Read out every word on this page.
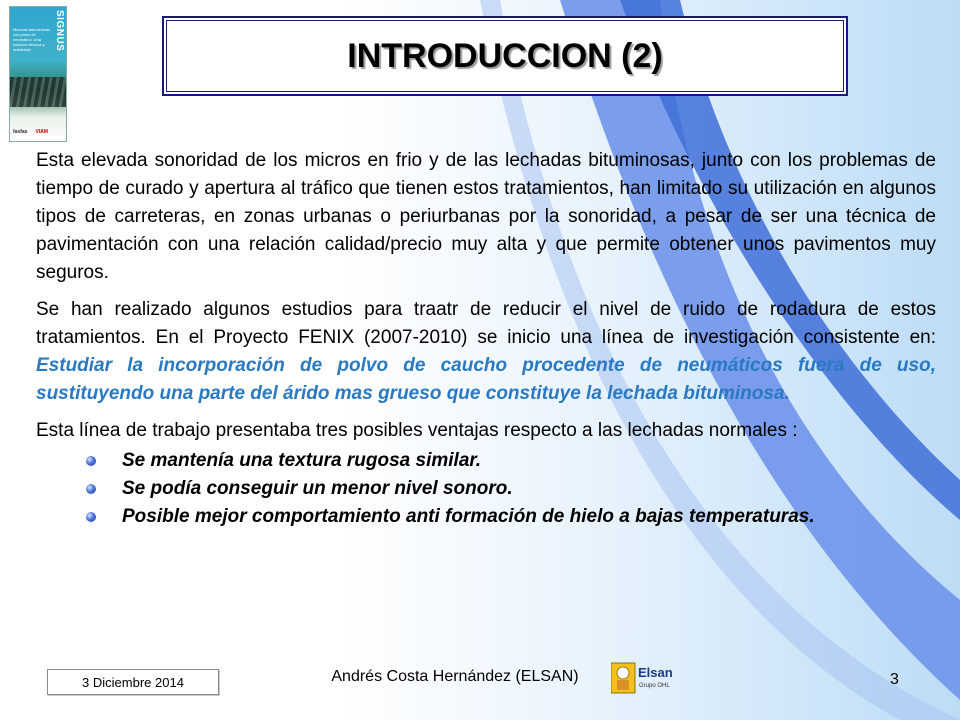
SIGNUS
Mezclas bituminosas con polvo de neumático. Una solución técnica y ambiental.
fasfas VIAM
INTRODUCCION (2)

Esta elevada sonoridad de los micros en frio y de las lechadas bituminosas, junto con los problemas de tiempo de curado y apertura al tráfico que tienen estos tratamientos, han limitado su utilización en algunos tipos de carreteras, en zonas urbanas o periurbanas por la sonoridad, a pesar de ser una técnica de pavimentación con una relación calidad/precio muy alta y que permite obtener unos pavimentos muy seguros.

Se han realizado algunos estudios para traatr de reducir el nivel de ruido de rodadura de estos tratamientos. En el Proyecto FENIX (2007-2010) se inicio una línea de investigación consistente en: Estudiar la incorporación de polvo de caucho procedente de neumáticos fuera de uso, sustituyendo una parte del árido mas grueso que constituye la lechada bituminosa.

Esta línea de trabajo presentaba tres posibles ventajas respecto a las lechadas normales :

Se mantenía una textura rugosa similar.
Se podía conseguir un menor nivel sonoro.
Posible mejor comportamiento anti formación de hielo a bajas temperaturas.
3 Diciembre 2014	Andrés Costa Hernández (ELSAN)	Elsan
Grupo OHL	3
